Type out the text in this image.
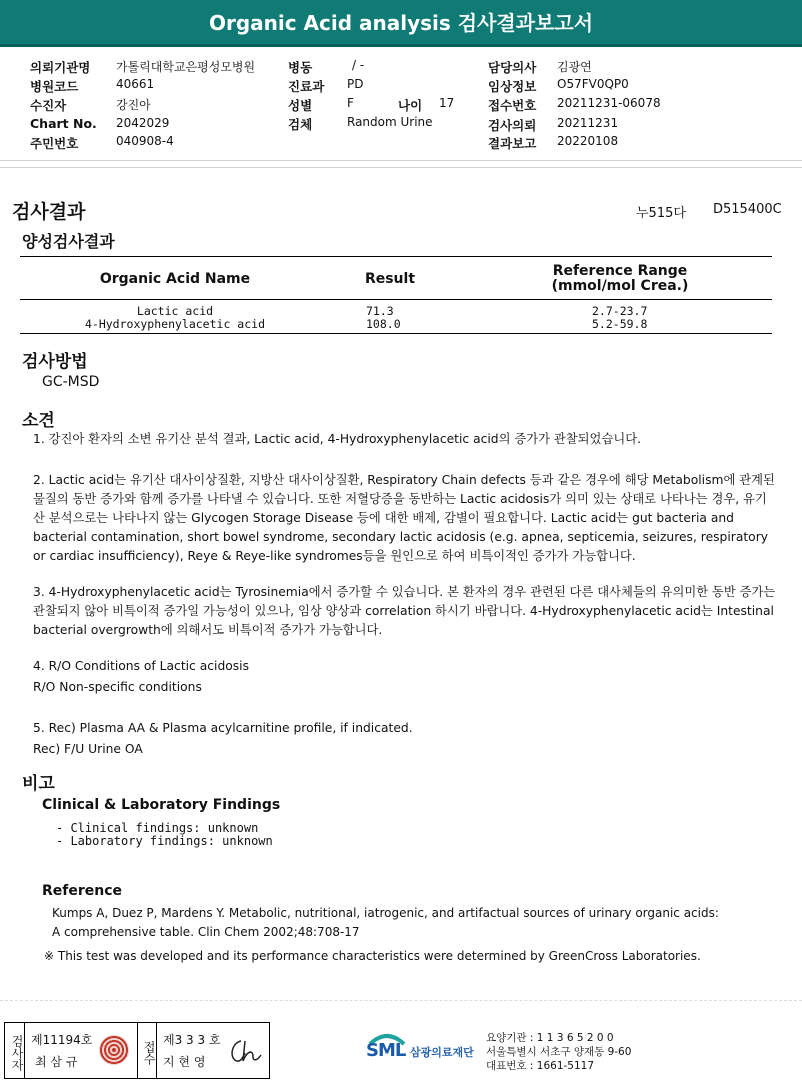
Organic Acid analysis 검사결과보고서
의뢰기관명 가톨릭대학교은평성모병원
병원코드	40661
수진자	강진아
Chart No. 2042029
주민번호	040908-4
병동	/ -
진료과 PD
성별	F	나이 17
검체	Random Urine
담당의사 김광연
임상정보 O57FV0QP0
접수번호 20211231-06078
검사의뢰 20211231
결과보고 20220108
검사결과	누515다 D515400C
양성검사결과
Organic Acid Name	Result	Reference Range
(mmol/mol Crea.)
Lactic acid	71.3	2.7-23.7
4-Hydroxyphenylacetic acid	108.0	5.2-59.8
검사방법
GC-MSD
소견
1. 강진아 환자의 소변 유기산 분석 결과, Lactic acid, 4-Hydroxyphenylacetic acid의 증가가 관찰되었습니다.
2. Lactic acid는 유기산 대사이상질환, 지방산 대사이상질환, Respiratory Chain defects 등과 같은 경우에 해당 Metabolism에 관계된 물질의 동반 증가와 함께 증가를 나타낼 수 있습니다. 또한 저혈당증을 동반하는 Lactic acidosis가 의미 있는 상태로 나타나는 경우, 유기산 분석으로는 나타나지 않는 Glycogen Storage Disease 등에 대한 배제, 감별이 필요합니다. Lactic acid는 gut bacteria and bacterial contamination, short bowel syndrome, secondary lactic acidosis (e.g. apnea, septicemia, seizures, respiratory or cardiac insufficiency), Reye & Reye-like syndromes등을 원인으로 하여 비특이적인 증가가 가능합니다.
3. 4-Hydroxyphenylacetic acid는 Tyrosinemia에서 증가할 수 있습니다. 본 환자의 경우 관련된 다른 대사체들의 유의미한 동반 증가는 관찰되지 않아 비특이적 증가일 가능성이 있으나, 임상 양상과 correlation 하시기 바랍니다. 4-Hydroxyphenylacetic acid는 Intestinal bacterial overgrowth에 의해서도 비특이적 증가가 가능합니다.
4. R/O Conditions of Lactic acidosis
R/O Non-specific conditions
5. Rec) Plasma AA & Plasma acylcarnitine profile, if indicated.
Rec) F/U Urine OA
비고
Clinical & Laboratory Findings
- Clinical findings: unknown
- Laboratory findings: unknown
Reference
Kumps A, Duez P, Mardens Y. Metabolic, nutritional, iatrogenic, and artifactual sources of urinary organic acids:
A comprehensive table. Clin Chem 2002;48:708-17
※ This test was developed and its performance characteristics were determined by GreenCross Laboratories.
검사자 제11194호
최 삼 규	접수
제3 3 3 호
지 현 영
SML 삼광의료재단
요양기관 : 1 1 3 6 5 2 0 0
서울특별시 서초구 양재동 9-60
대표번호 : 1661-5117
